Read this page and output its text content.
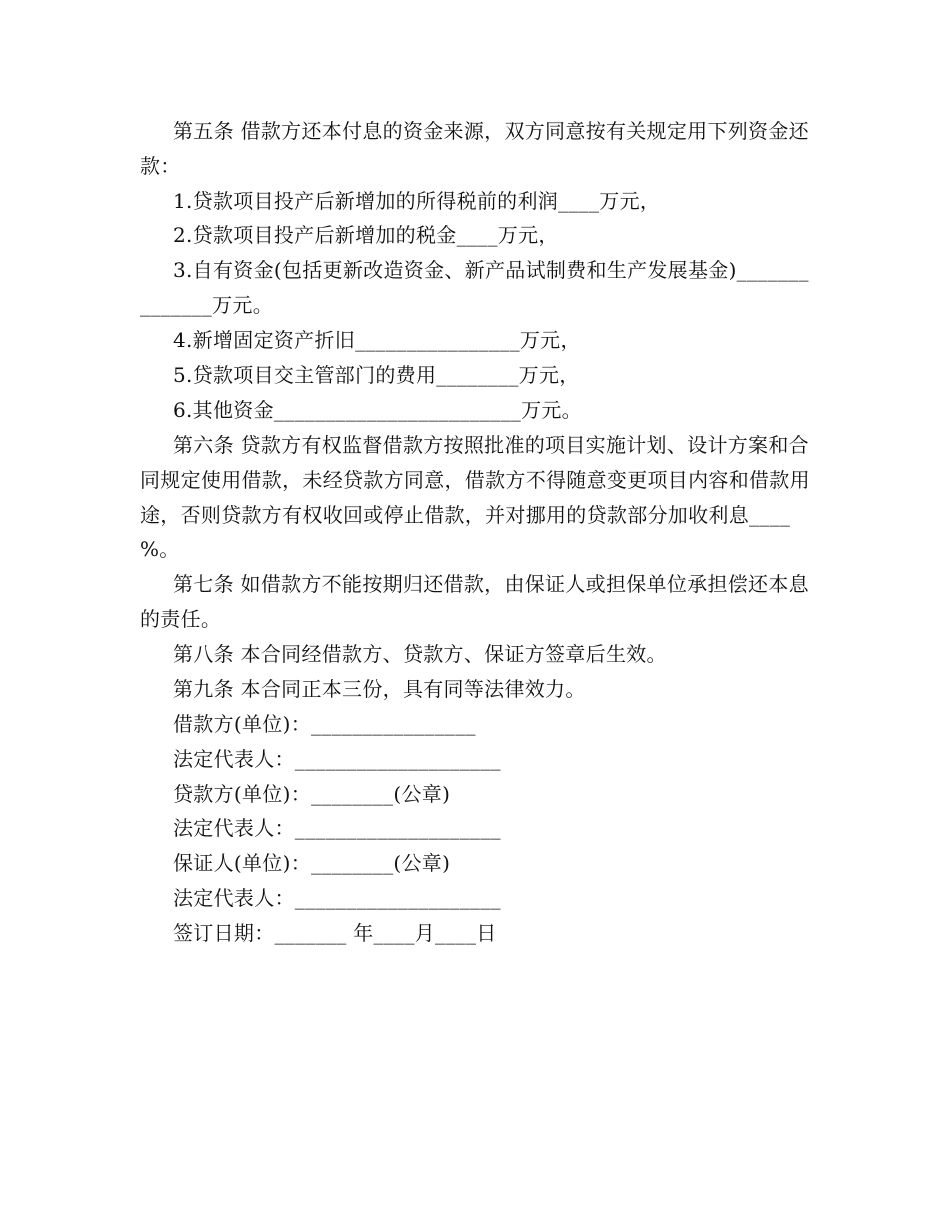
第五条 借款方还本付息的资金来源，双方同意按有关规定用下列资金还款：

1.贷款项目投产后新增加的所得税前的利润____万元，

2.贷款项目投产后新增加的税金____万元，

3.自有资金(包括更新改造资金、新产品试制费和生产发展基金)______________万元。

4.新增固定资产折旧________________万元，

5.贷款项目交主管部门的费用________万元，

6.其他资金________________________万元。

第六条 贷款方有权监督借款方按照批准的项目实施计划、设计方案和合同规定使用借款，未经贷款方同意，借款方不得随意变更项目内容和借款用途，否则贷款方有权收回或停止借款，并对挪用的贷款部分加收利息____ %。

第七条 如借款方不能按期归还借款，由保证人或担保单位承担偿还本息的责任。

第八条 本合同经借款方、贷款方、保证方签章后生效。

第九条 本合同正本三份，具有同等法律效力。

借款方(单位)：________________

法定代表人：____________________

贷款方(单位)：________(公章)

法定代表人：____________________

保证人(单位)：________(公章)

法定代表人：____________________

签订日期：_______ 年____月____日
